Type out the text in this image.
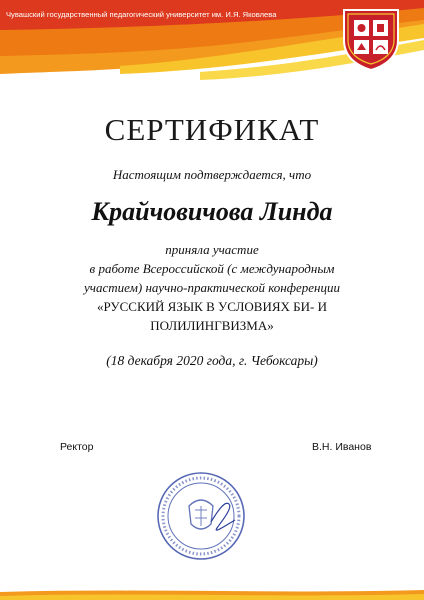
Чувашский государственный педагогический университет им. И.Я. Яковлева
СЕРТИФИКАТ
Настоящим подтверждается, что
Крайчовичова Линда
приняла участие
в работе Всероссийской (с международным
участием) научно-практической конференции
«РУССКИЙ ЯЗЫК В УСЛОВИЯХ БИ- И
ПОЛИЛИНГВИЗМА»
(18 декабря 2020 года, г. Чебоксары)
Ректор	В.Н. Иванов
